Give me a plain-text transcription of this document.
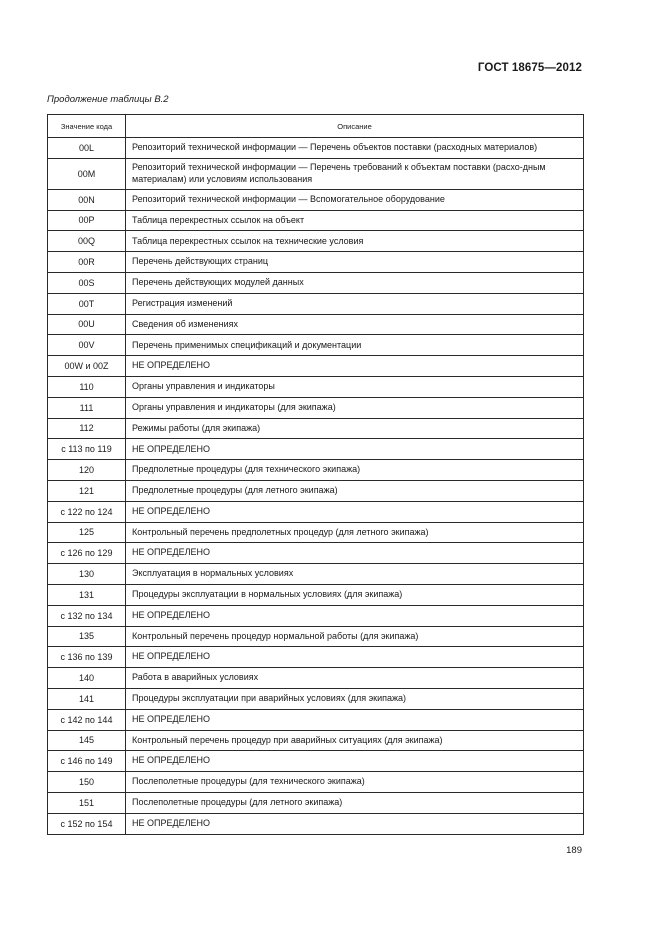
ГОСТ 18675—2012
Продолжение таблицы В.2
Значение кода	Описание
00L	Репозиторий технической информации — Перечень объектов поставки (расходных материалов)
00M	Репозиторий технической информации — Перечень требований к объектам поставки (расхо-дным материалам) или условиям использования
00N	Репозиторий технической информации — Вспомогательное оборудование
00P	Таблица перекрестных ссылок на объект
00Q	Таблица перекрестных ссылок на технические условия
00R	Перечень действующих страниц
00S	Перечень действующих модулей данных
00T	Регистрация изменений
00U	Сведения об изменениях
00V	Перечень применимых спецификаций и документации
00W и 00Z	НЕ ОПРЕДЕЛЕНО
110	Органы управления и индикаторы
111	Органы управления и индикаторы (для экипажа)
112	Режимы работы (для экипажа)
с 113 по 119	НЕ ОПРЕДЕЛЕНО
120	Предполетные процедуры (для технического экипажа)
121	Предполетные процедуры (для летного экипажа)
с 122 по 124	НЕ ОПРЕДЕЛЕНО
125	Контрольный перечень предполетных процедур (для летного экипажа)
с 126 по 129	НЕ ОПРЕДЕЛЕНО
130	Эксплуатация в нормальных условиях
131	Процедуры эксплуатации в нормальных условиях (для экипажа)
с 132 по 134	НЕ ОПРЕДЕЛЕНО
135	Контрольный перечень процедур нормальной работы (для экипажа)
с 136 по 139	НЕ ОПРЕДЕЛЕНО
140	Работа в аварийных условиях
141	Процедуры эксплуатации при аварийных условиях (для экипажа)
с 142 по 144	НЕ ОПРЕДЕЛЕНО
145	Контрольный перечень процедур при аварийных ситуациях (для экипажа)
с 146 по 149	НЕ ОПРЕДЕЛЕНО
150	Послеполетные процедуры (для технического экипажа)
151	Послеполетные процедуры (для летного экипажа)
с 152 по 154	НЕ ОПРЕДЕЛЕНО
189
